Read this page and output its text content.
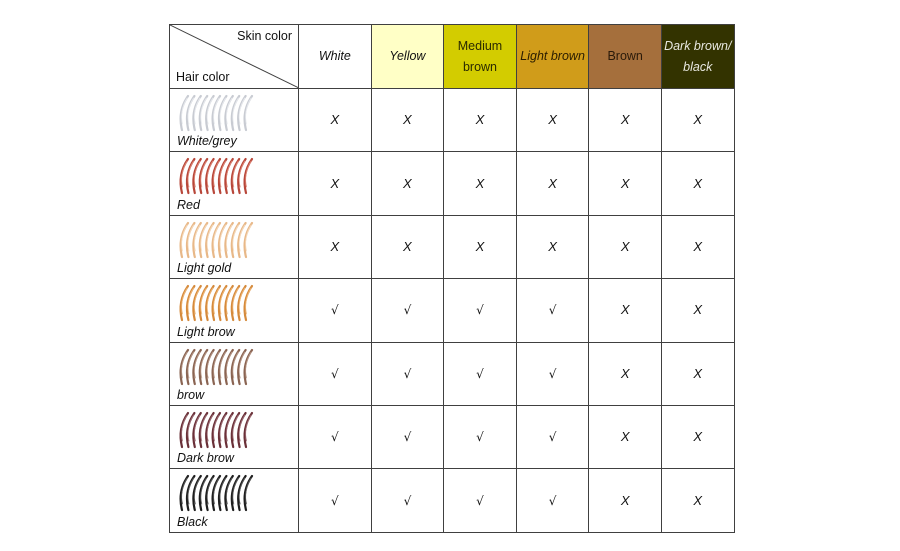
Skin color
Hair color	White	Yellow	Medium brown	Light brown	Brown	Dark brown/ black

White/grey	X	X	X	X	X	X

Red	X	X	X	X	X	X

Light gold	X	X	X	X	X	X

Light brow	√	√	√	√	X	X

brow	√	√	√	√	X	X

Dark brow	√	√	√	√	X	X

Black	√	√	√	√	X	X
